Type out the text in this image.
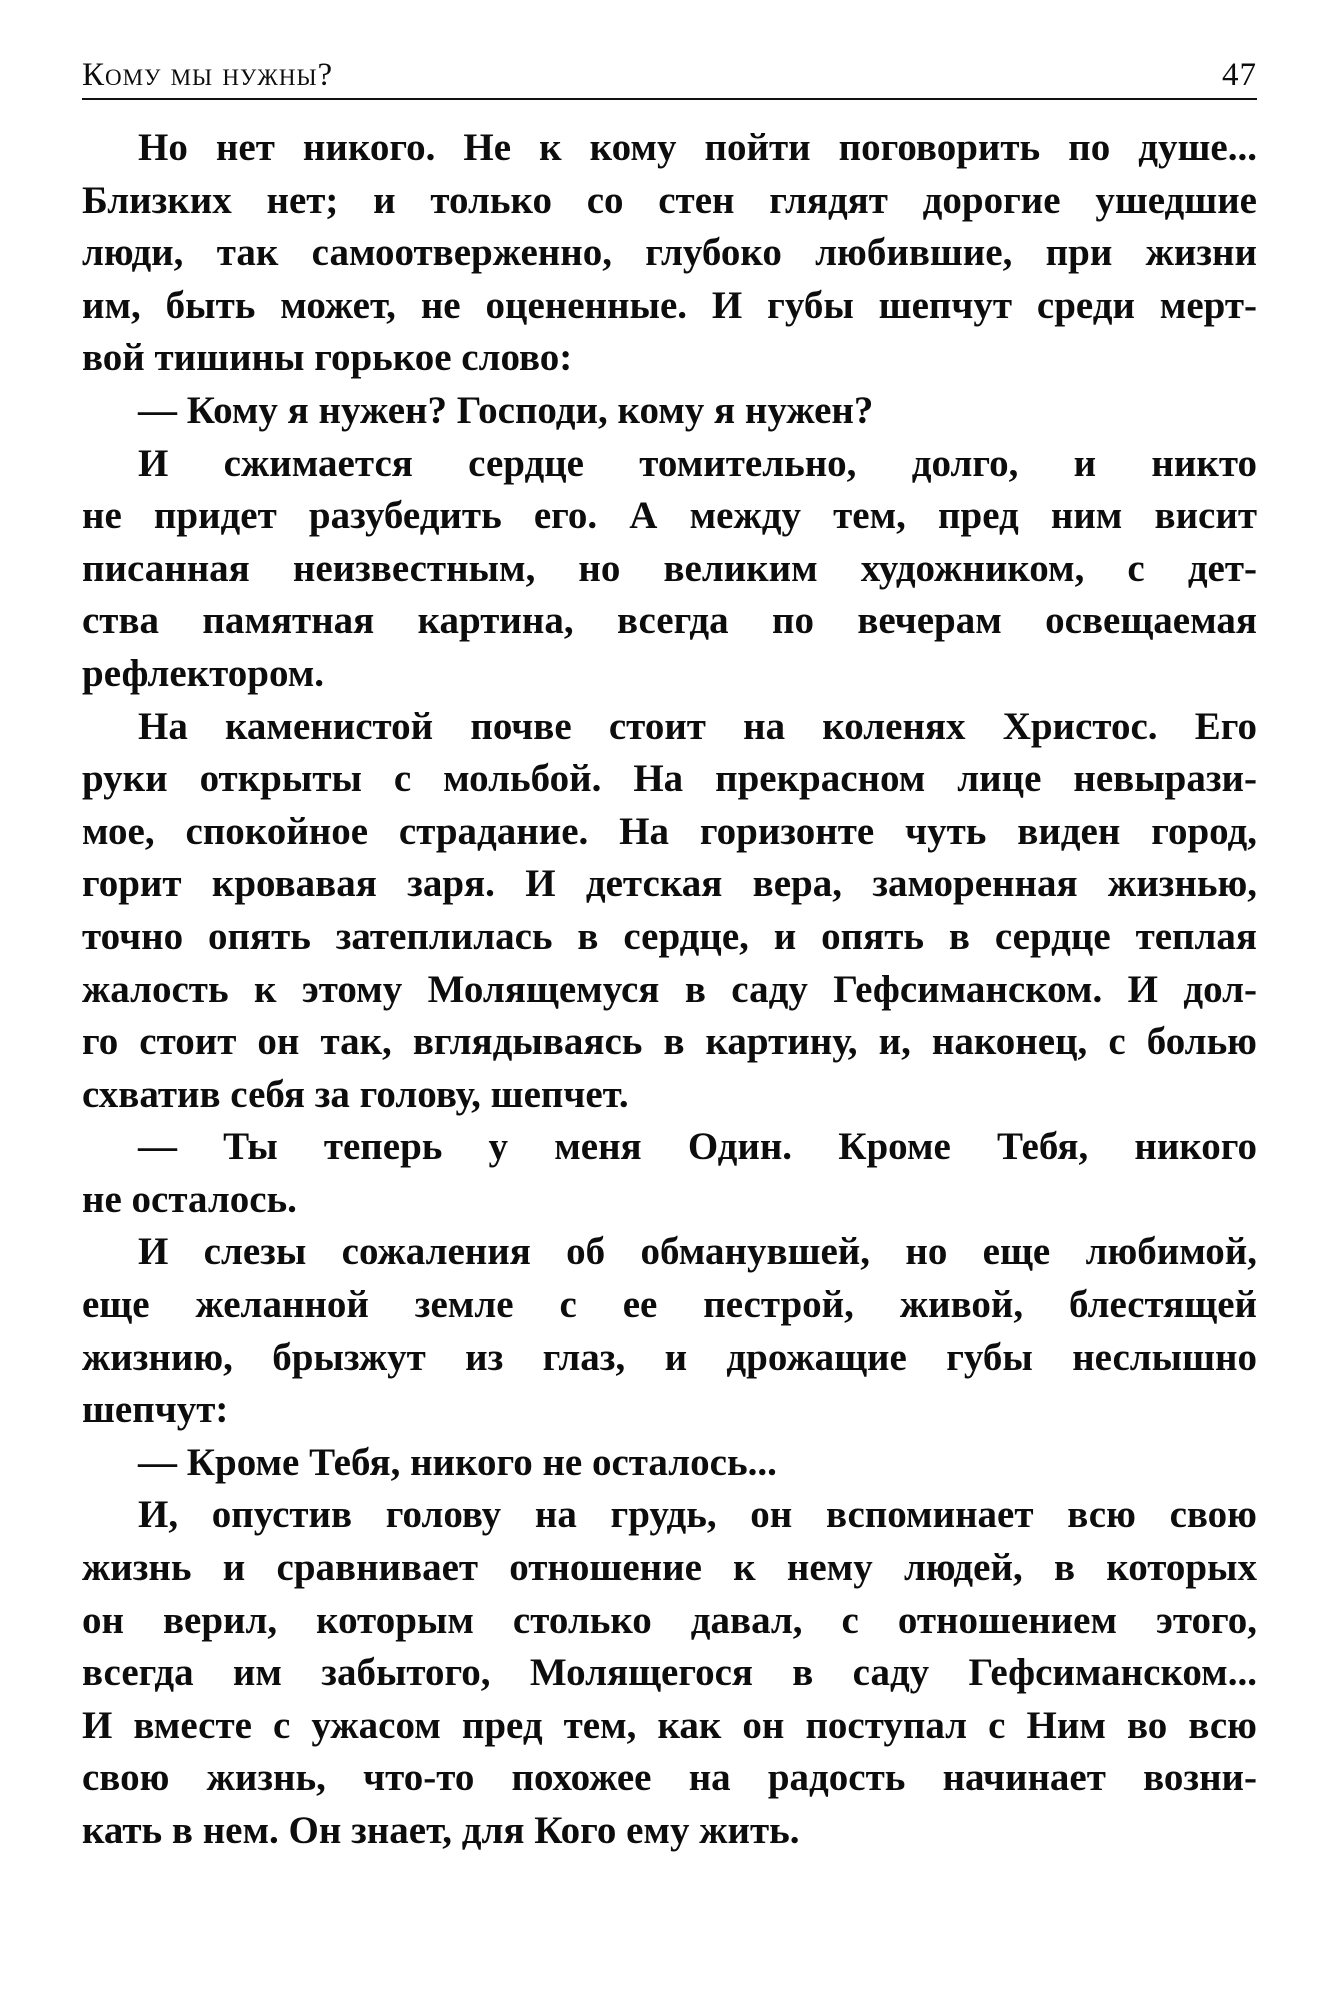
Кому мы нужны?	47
Но нет никого. Не к кому пойти поговорить по душе...
Близких нет; и только со стен глядят дорогие ушедшие
люди, так самоотверженно, глубоко любившие, при жизни
им, быть может, не оцененные. И губы шепчут среди мерт-
вой тишины горькое слово:
— Кому я нужен? Господи, кому я нужен?
И сжимается сердце томительно, долго, и никто
не придет разубедить его. А между тем, пред ним висит
писанная неизвестным, но великим художником, с дет-
ства памятная картина, всегда по вечерам освещаемая
рефлектором.
На каменистой почве стоит на коленях Христос. Его
руки открыты с мольбой. На прекрасном лице невырази-
мое, спокойное страдание. На горизонте чуть виден город,
горит кровавая заря. И детская вера, заморенная жизнью,
точно опять затеплилась в сердце, и опять в сердце теплая
жалость к этому Молящемуся в саду Гефсиманском. И дол-
го стоит он так, вглядываясь в картину, и, наконец, с болью
схватив себя за голову, шепчет.
— Ты теперь у меня Один. Кроме Тебя, никого
не осталось.
И слезы сожаления об обманувшей, но еще любимой,
еще желанной земле с ее пестрой, живой, блестящей
жизнию, брызжут из глаз, и дрожащие губы неслышно
шепчут:
— Кроме Тебя, никого не осталось...
И, опустив голову на грудь, он вспоминает всю свою
жизнь и сравнивает отношение к нему людей, в которых
он верил, которым столько давал, с отношением этого,
всегда им забытого, Молящегося в саду Гефсиманском...
И вместе с ужасом пред тем, как он поступал с Ним во всю
свою жизнь, что-то похожее на радость начинает возни-
кать в нем. Он знает, для Кого ему жить.
